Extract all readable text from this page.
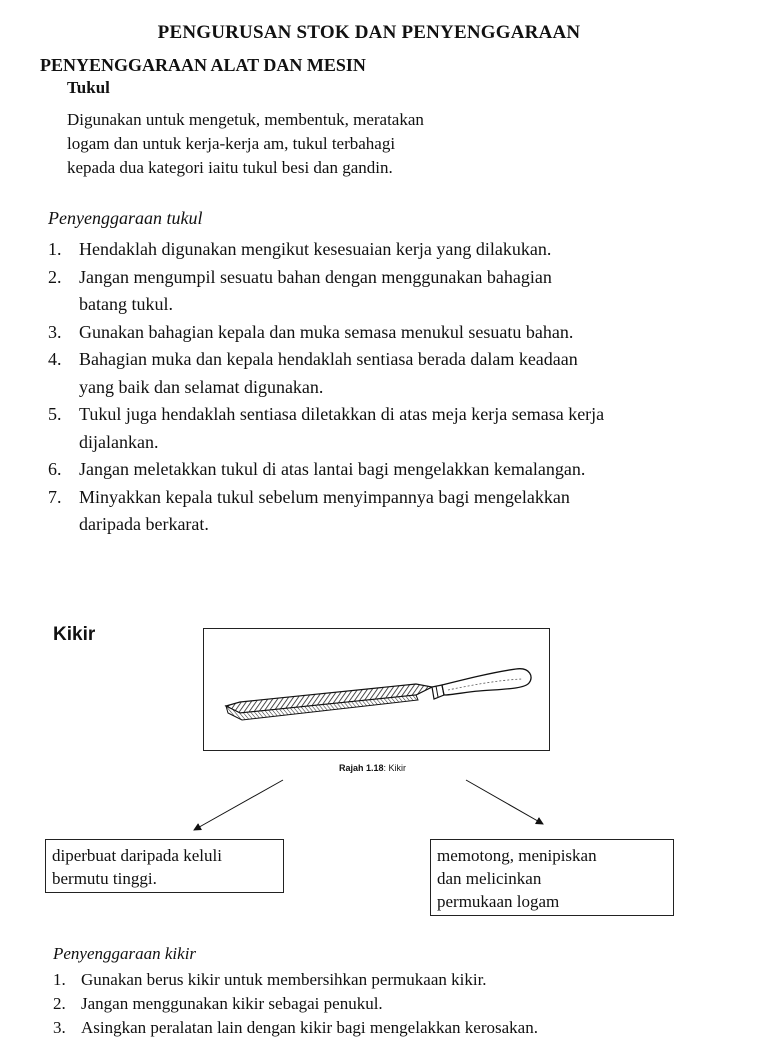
PENGURUSAN STOK DAN PENYENGGARAAN
PENYENGGARAAN ALAT DAN MESIN
Tukul
Digunakan untuk mengetuk, membentuk, meratakan
logam dan untuk kerja-kerja am, tukul terbahagi
kepada dua kategori iaitu tukul besi dan gandin.
Penyenggaraan tukul
1. Hendaklah digunakan mengikut kesesuaian kerja yang dilakukan.
2. Jangan mengumpil sesuatu bahan dengan menggunakan bahagian
batang tukul.
3. Gunakan bahagian kepala dan muka semasa menukul sesuatu bahan.
4. Bahagian muka dan kepala hendaklah sentiasa berada dalam keadaan
yang baik dan selamat digunakan.
5. Tukul juga hendaklah sentiasa diletakkan di atas meja kerja semasa kerja
dijalankan.
6. Jangan meletakkan tukul di atas lantai bagi mengelakkan kemalangan.
7. Minyakkan kepala tukul sebelum menyimpannya bagi mengelakkan
daripada berkarat.
Kikir
Rajah 1.18: Kikir
diperbuat daripada keluli
bermutu tinggi.
memotong, menipiskan
dan melicinkan
permukaan logam
Penyenggaraan kikir
1. Gunakan berus kikir untuk membersihkan permukaan kikir.
2. Jangan menggunakan kikir sebagai penukul.
3. Asingkan peralatan lain dengan kikir bagi mengelakkan kerosakan.
